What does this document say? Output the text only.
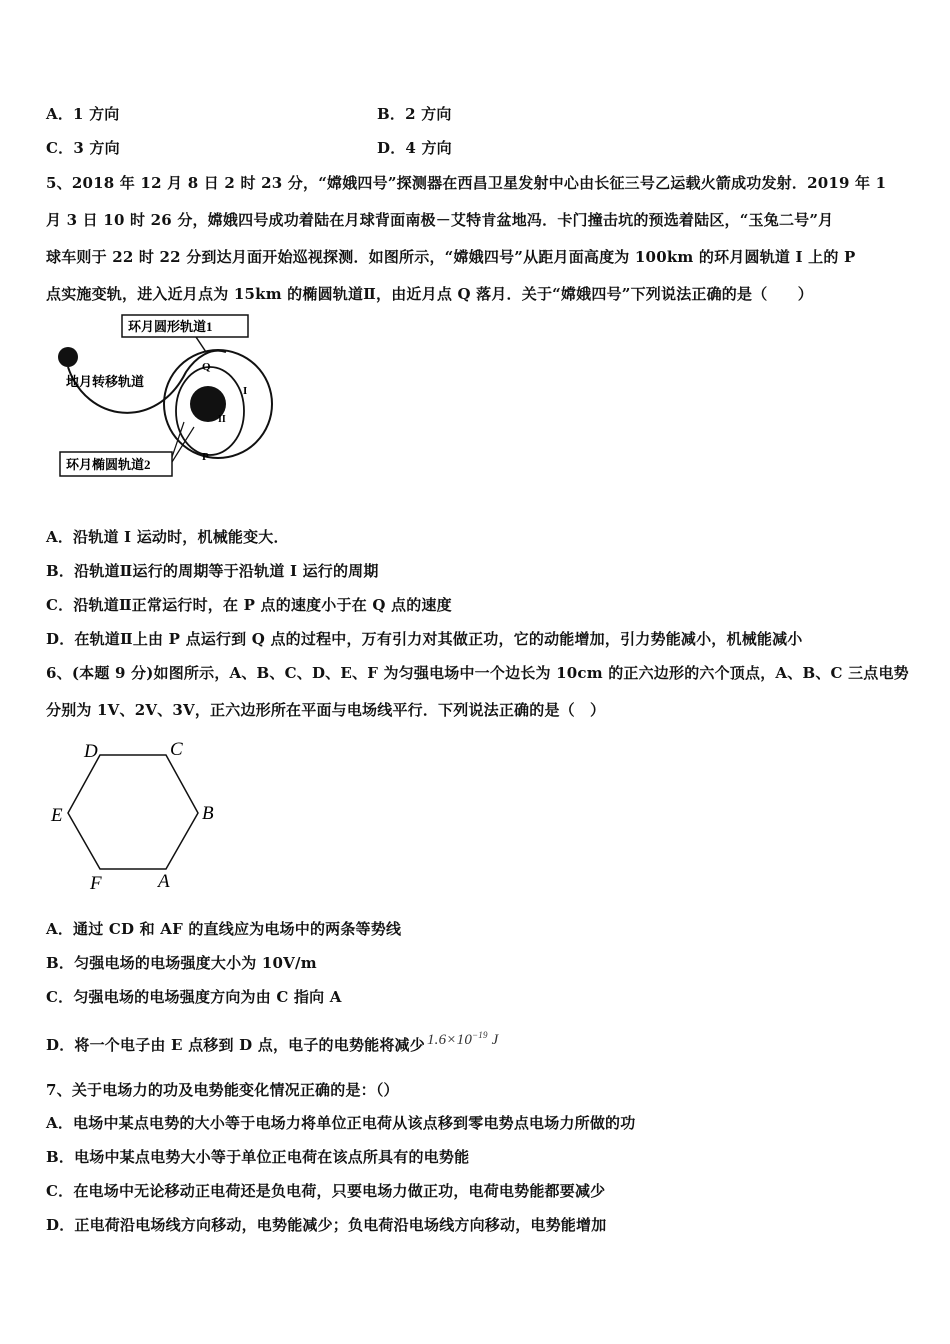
A．1 方向	B．2 方向
C．3 方向	D．4 方向
5、2018 年 12 月 8 日 2 时 23 分，“嫦娥四号”探测器在西昌卫星发射中心由长征三号乙运载火箭成功发射．2019 年 1
月 3 日 10 时 26 分，嫦娥四号成功着陆在月球背面南极－艾特肯盆地冯．卡门撞击坑的预选着陆区，“玉兔二号”月
球车则于 22 时 22 分到达月面开始巡视探测．如图所示，“嫦娥四号”从距月面高度为 100km 的环月圆轨道 I 上的 P
点实施变轨，进入近月点为 15km 的椭圆轨道Ⅱ，由近月点 Q 落月．关于“嫦娥四号”下列说法正确的是（　　）
环月圆形轨道1
地月转移轨道
环月椭圆轨道2
Q
P
I
II
A．沿轨道 I 运动时，机械能变大．
B．沿轨道Ⅱ运行的周期等于沿轨道 I 运行的周期
C．沿轨道Ⅱ正常运行时，在 P 点的速度小于在 Q 点的速度
D．在轨道Ⅱ上由 P 点运行到 Q 点的过程中，万有引力对其做正功，它的动能增加，引力势能减小，机械能减小
6、(本题 9 分)如图所示，A、B、C、D、E、F 为匀强电场中一个边长为 10cm 的正六边形的六个顶点，A、B、C 三点电势
分别为 1V、2V、3V，正六边形所在平面与电场线平行．下列说法正确的是（　）
D	C
B
E
F	A
A．通过 CD 和 AF 的直线应为电场中的两条等势线
B．匀强电场的电场强度大小为 10V/m
C．匀强电场的电场强度方向为由 C 指向 A
D．将一个电子由 E 点移到 D 点，电子的电势能将减少 $1.6\times 10^{-19}$ J
7、关于电场力的功及电势能变化情况正确的是：（）
A．电场中某点电势的大小等于电场力将单位正电荷从该点移到零电势点电场力所做的功
B．电场中某点电势大小等于单位正电荷在该点所具有的电势能
C．在电场中无论移动正电荷还是负电荷，只要电场力做正功，电荷电势能都要减少
D．正电荷沿电场线方向移动，电势能减少；负电荷沿电场线方向移动，电势能增加
